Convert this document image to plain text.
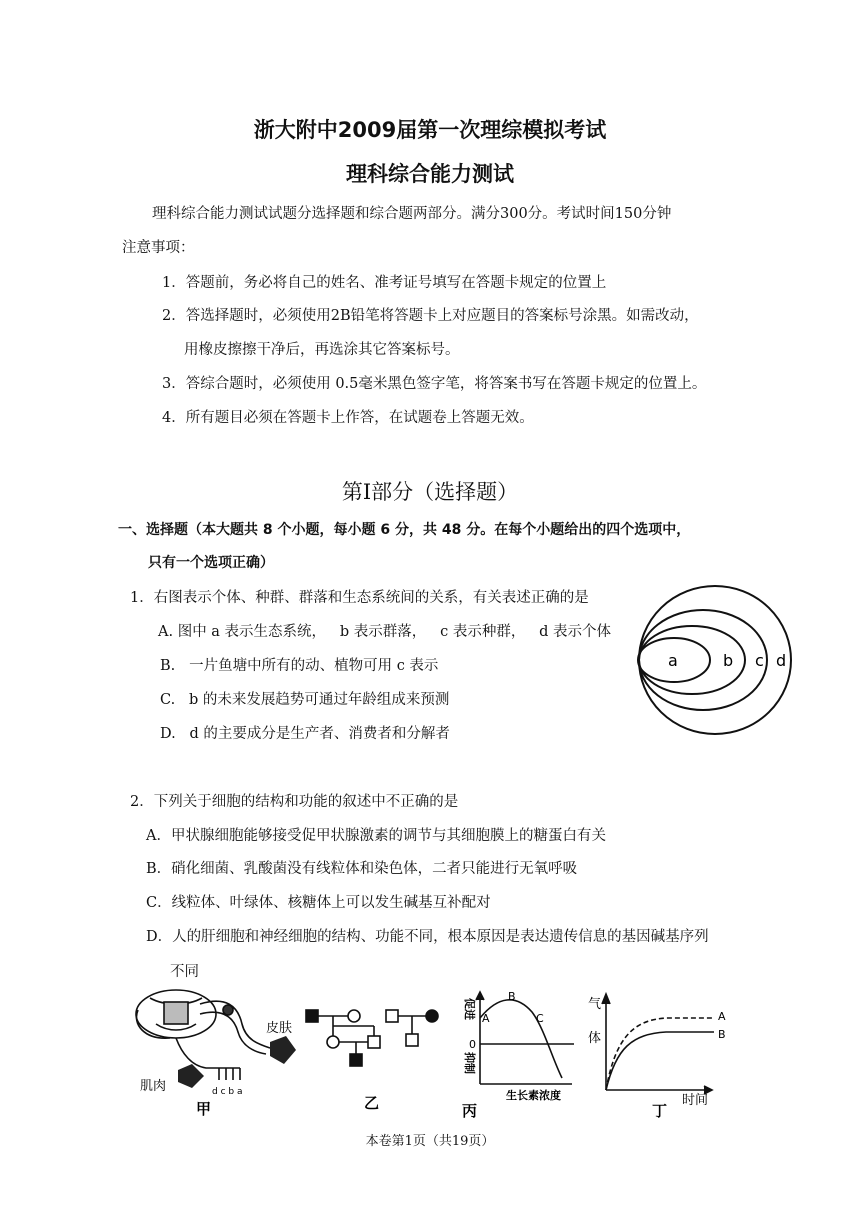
浙大附中2009届第一次理综模拟考试
理科综合能力测试
理科综合能力测试试题分选择题和综合题两部分。满分300分。考试时间150分钟
注意事项：
1．答题前，务必将自己的姓名、准考证号填写在答题卡规定的位置上
2．答选择题时，必须使用2B铅笔将答题卡上对应题目的答案标号涂黑。如需改动，
用橡皮擦擦干净后，再选涂其它答案标号。
3．答综合题时，必须使用 0.5毫米黑色签字笔，将答案书写在答题卡规定的位置上。
4．所有题目必须在答题卡上作答，在试题卷上答题无效。
第Ⅰ部分（选择题）
一、选择题（本大题共 8 个小题，每小题 6 分，共 48 分。在每个小题给出的四个选项中，
只有一个选项正确）
1．右图表示个体、种群、群落和生态系统间的关系，有关表述正确的是
A. 图中 a 表示生态系统，   b 表示群落，   c 表示种群，   d 表示个体
B.   一片鱼塘中所有的动、植物可用 c 表示
C.   b 的未来发展趋势可通过年龄组成来预测
D.   d 的主要成分是生产者、消费者和分解者
a	b c d
2．下列关于细胞的结构和功能的叙述中不正确的是
A．甲状腺细胞能够接受促甲状腺激素的调节与其细胞膜上的糖蛋白有关
B．硝化细菌、乳酸菌没有线粒体和染色体，二者只能进行无氧呼吸
C．线粒体、叶绿体、核糖体上可以发生碱基互补配对
D．人的肝细胞和神经细胞的结构、功能不同，根本原因是表达遗传信息的基因碱基序列
不同
皮肤
肌肉	d c b a
甲	乙
促进
抑制
0
A
B
C
生长素浓度
丙
气
体
A
B
时间
丁
本卷第1页（共19页）
